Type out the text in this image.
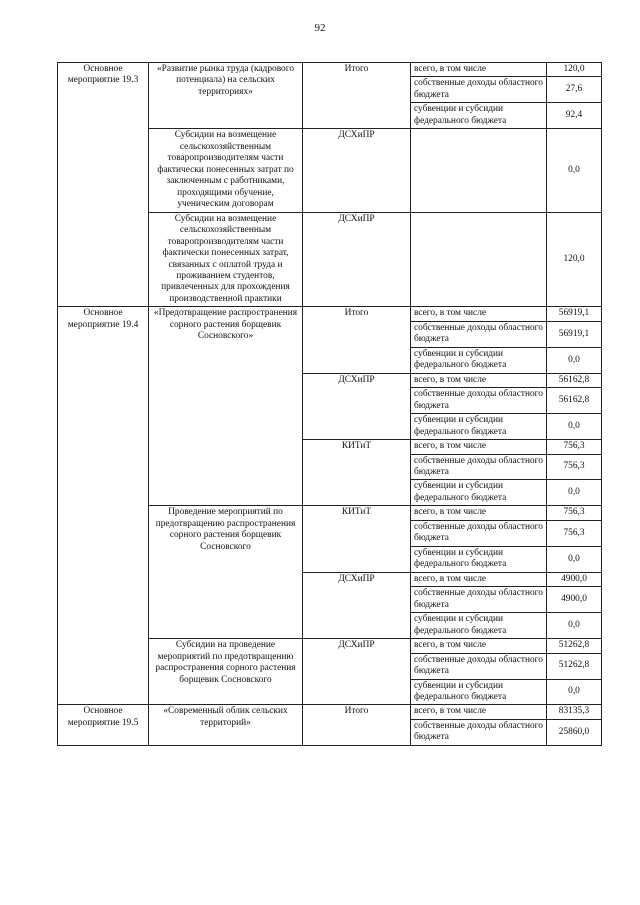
92
Основное мероприятие 19.3	«Развитие рынка труда (кадрового потенциала) на сельских территориях»	Итого	всего, в том числе	120,0
			собственные доходы областного бюджета	27,6
			субвенции и субсидии федерального бюджета	92,4
	Субсидии на возмещение сельскохозяйственным товаропроизводителям части фактически понесенных затрат по заключенным с работниками, проходящими обучение, ученическим договорам	ДСХиПР		0,0
	Субсидии на возмещение сельскохозяйственным товаропроизводителям части фактически понесенных затрат, связанных с оплатой труда и проживанием студентов, привлеченных для прохождения производственной практики	ДСХиПР		120,0
Основное мероприятие 19.4	«Предотвращение распространения сорного растения борщевик Сосновского»	Итого	всего, в том числе	56919,1
			собственные доходы областного бюджета	56919,1
			субвенции и субсидии федерального бюджета	0,0
		ДСХиПР	всего, в том числе	56162,8
			собственные доходы областного бюджета	56162,8
			субвенции и субсидии федерального бюджета	0,0
		КИТиТ	всего, в том числе	756,3
			собственные доходы областного бюджета	756,3
			субвенции и субсидии федерального бюджета	0,0
	Проведение мероприятий по предотвращению распространения сорного растения борщевик Сосновского	КИТиТ	всего, в том числе	756,3
			собственные доходы областного бюджета	756,3
			субвенции и субсидии федерального бюджета	0,0
		ДСХиПР	всего, в том числе	4900,0
			собственные доходы областного бюджета	4900,0
			субвенции и субсидии федерального бюджета	0,0
	Субсидии на проведение мероприятий по предотвращению распространения сорного растения борщевик Сосновского	ДСХиПР	всего, в том числе	51262,8
			собственные доходы областного бюджета	51262,8
			субвенции и субсидии федерального бюджета	0,0
Основное мероприятие 19.5	«Современный облик сельских территорий»	Итого	всего, в том числе	83135,3
			собственные доходы областного бюджета	25860,0
